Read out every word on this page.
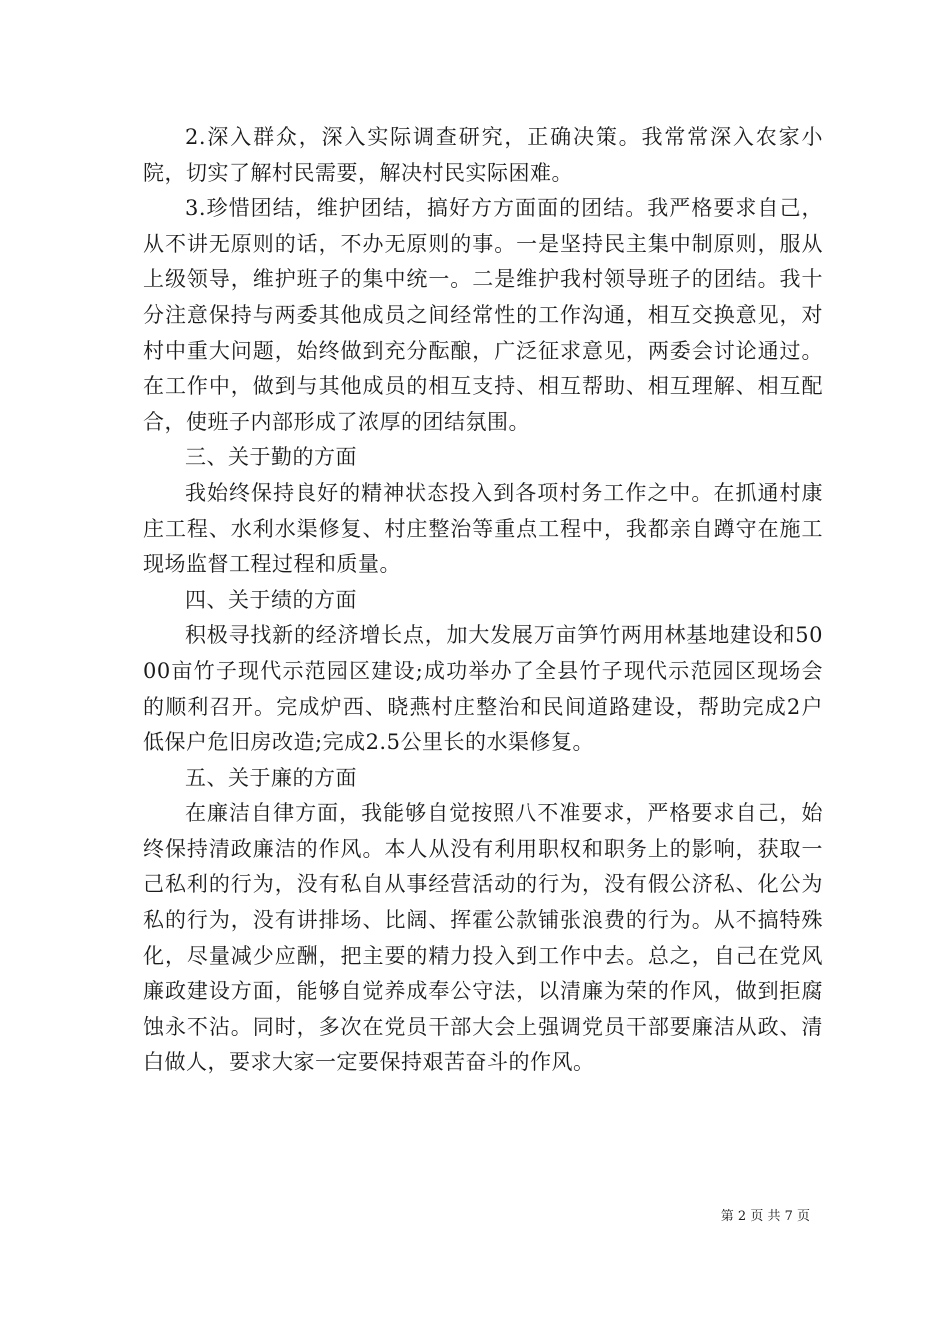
2.深入群众，深入实际调查研究，正确决策。我常常深入农家小院，切实了解村民需要，解决村民实际困难。

3.珍惜团结，维护团结，搞好方方面面的团结。我严格要求自己，从不讲无原则的话，不办无原则的事。一是坚持民主集中制原则，服从上级领导，维护班子的集中统一。二是维护我村领导班子的团结。我十分注意保持与两委其他成员之间经常性的工作沟通，相互交换意见，对村中重大问题，始终做到充分酝酿，广泛征求意见，两委会讨论通过。在工作中，做到与其他成员的相互支持、相互帮助、相互理解、相互配合，使班子内部形成了浓厚的团结氛围。

三、关于勤的方面

我始终保持良好的精神状态投入到各项村务工作之中。在抓通村康庄工程、水利水渠修复、村庄整治等重点工程中，我都亲自蹲守在施工现场监督工程过程和质量。

四、关于绩的方面

积极寻找新的经济增长点，加大发展万亩笋竹两用林基地建设和5000亩竹子现代示范园区建设;成功举办了全县竹子现代示范园区现场会的顺利召开。完成炉西、晓燕村庄整治和民间道路建设，帮助完成2户低保户危旧房改造;完成2.5公里长的水渠修复。

五、关于廉的方面

在廉洁自律方面，我能够自觉按照八不准要求，严格要求自己，始终保持清政廉洁的作风。本人从没有利用职权和职务上的影响，获取一己私利的行为，没有私自从事经营活动的行为，没有假公济私、化公为私的行为，没有讲排场、比阔、挥霍公款铺张浪费的行为。从不搞特殊化，尽量减少应酬，把主要的精力投入到工作中去。总之，自己在党风廉政建设方面，能够自觉养成奉公守法，以清廉为荣的作风，做到拒腐蚀永不沾。同时，多次在党员干部大会上强调党员干部要廉洁从政、清白做人，要求大家一定要保持艰苦奋斗的作风。

第 2 页 共 7 页
